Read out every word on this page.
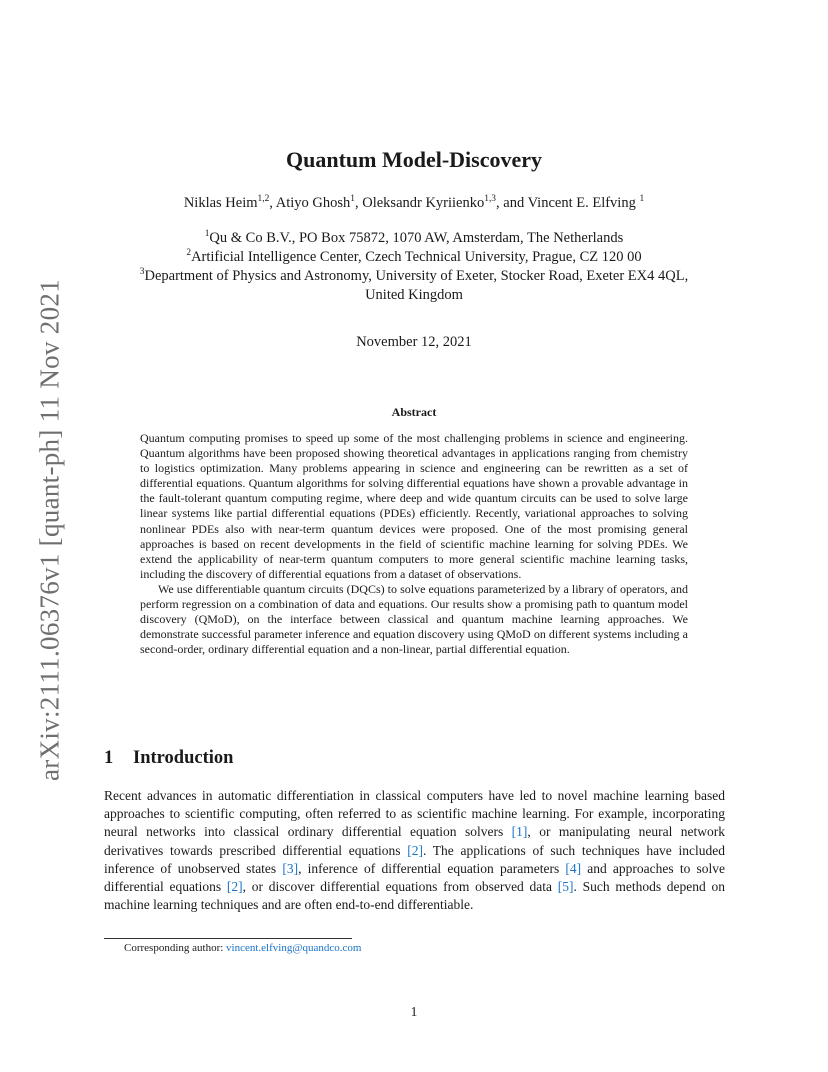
arXiv:2111.06376v1 [quant-ph] 11 Nov 2021
Quantum Model-Discovery
Niklas Heim$^{1,2}$, Atiyo Ghosh$^1$, Oleksandr Kyriienko$^{1,3}$, and Vincent E. Elfving $^1$
$^1$Qu & Co B.V., PO Box 75872, 1070 AW, Amsterdam, The Netherlands
$^2$Artificial Intelligence Center, Czech Technical University, Prague, CZ 120 00
$^3$Department of Physics and Astronomy, University of Exeter, Stocker Road, Exeter EX4 4QL,
United Kingdom
November 12, 2021
Abstract

Quantum computing promises to speed up some of the most challenging problems in science and engineering. Quantum algorithms have been proposed showing theoretical advantages in applications ranging from chemistry to logistics optimization. Many problems appearing in science and engineering can be rewritten as a set of differential equations. Quantum algorithms for solving differential equations have shown a provable advantage in the fault-tolerant quantum computing regime, where deep and wide quantum circuits can be used to solve large linear systems like partial differential equations (PDEs) efficiently. Recently, variational approaches to solving nonlinear PDEs also with near-term quantum devices were proposed. One of the most promising general approaches is based on recent developments in the field of scientific machine learning for solving PDEs. We extend the applicability of near-term quantum computers to more general scientific machine learning tasks, including the discovery of differential equations from a dataset of observations.

We use differentiable quantum circuits (DQCs) to solve equations parameterized by a library of operators, and perform regression on a combination of data and equations. Our results show a promising path to quantum model discovery (QMoD), on the interface between classical and quantum machine learning approaches. We demonstrate successful parameter inference and equation discovery using QMoD on different systems including a second-order, ordinary differential equation and a non-linear, partial differential equation.

1 Introduction

Recent advances in automatic differentiation in classical computers have led to novel machine learning based approaches to scientific computing, often referred to as scientific machine learning. For example, incorporating neural networks into classical ordinary differential equation solvers [1], or manipulating neural network derivatives towards prescribed differential equations [2]. The applications of such techniques have included inference of unobserved states [3], inference of differential equation parameters [4] and approaches to solve differential equations [2], or discover differential equations from observed data [5]. Such methods depend on machine learning techniques and are often end-to-end differentiable.

Corresponding author: vincent.elfving@quandco.com
1
